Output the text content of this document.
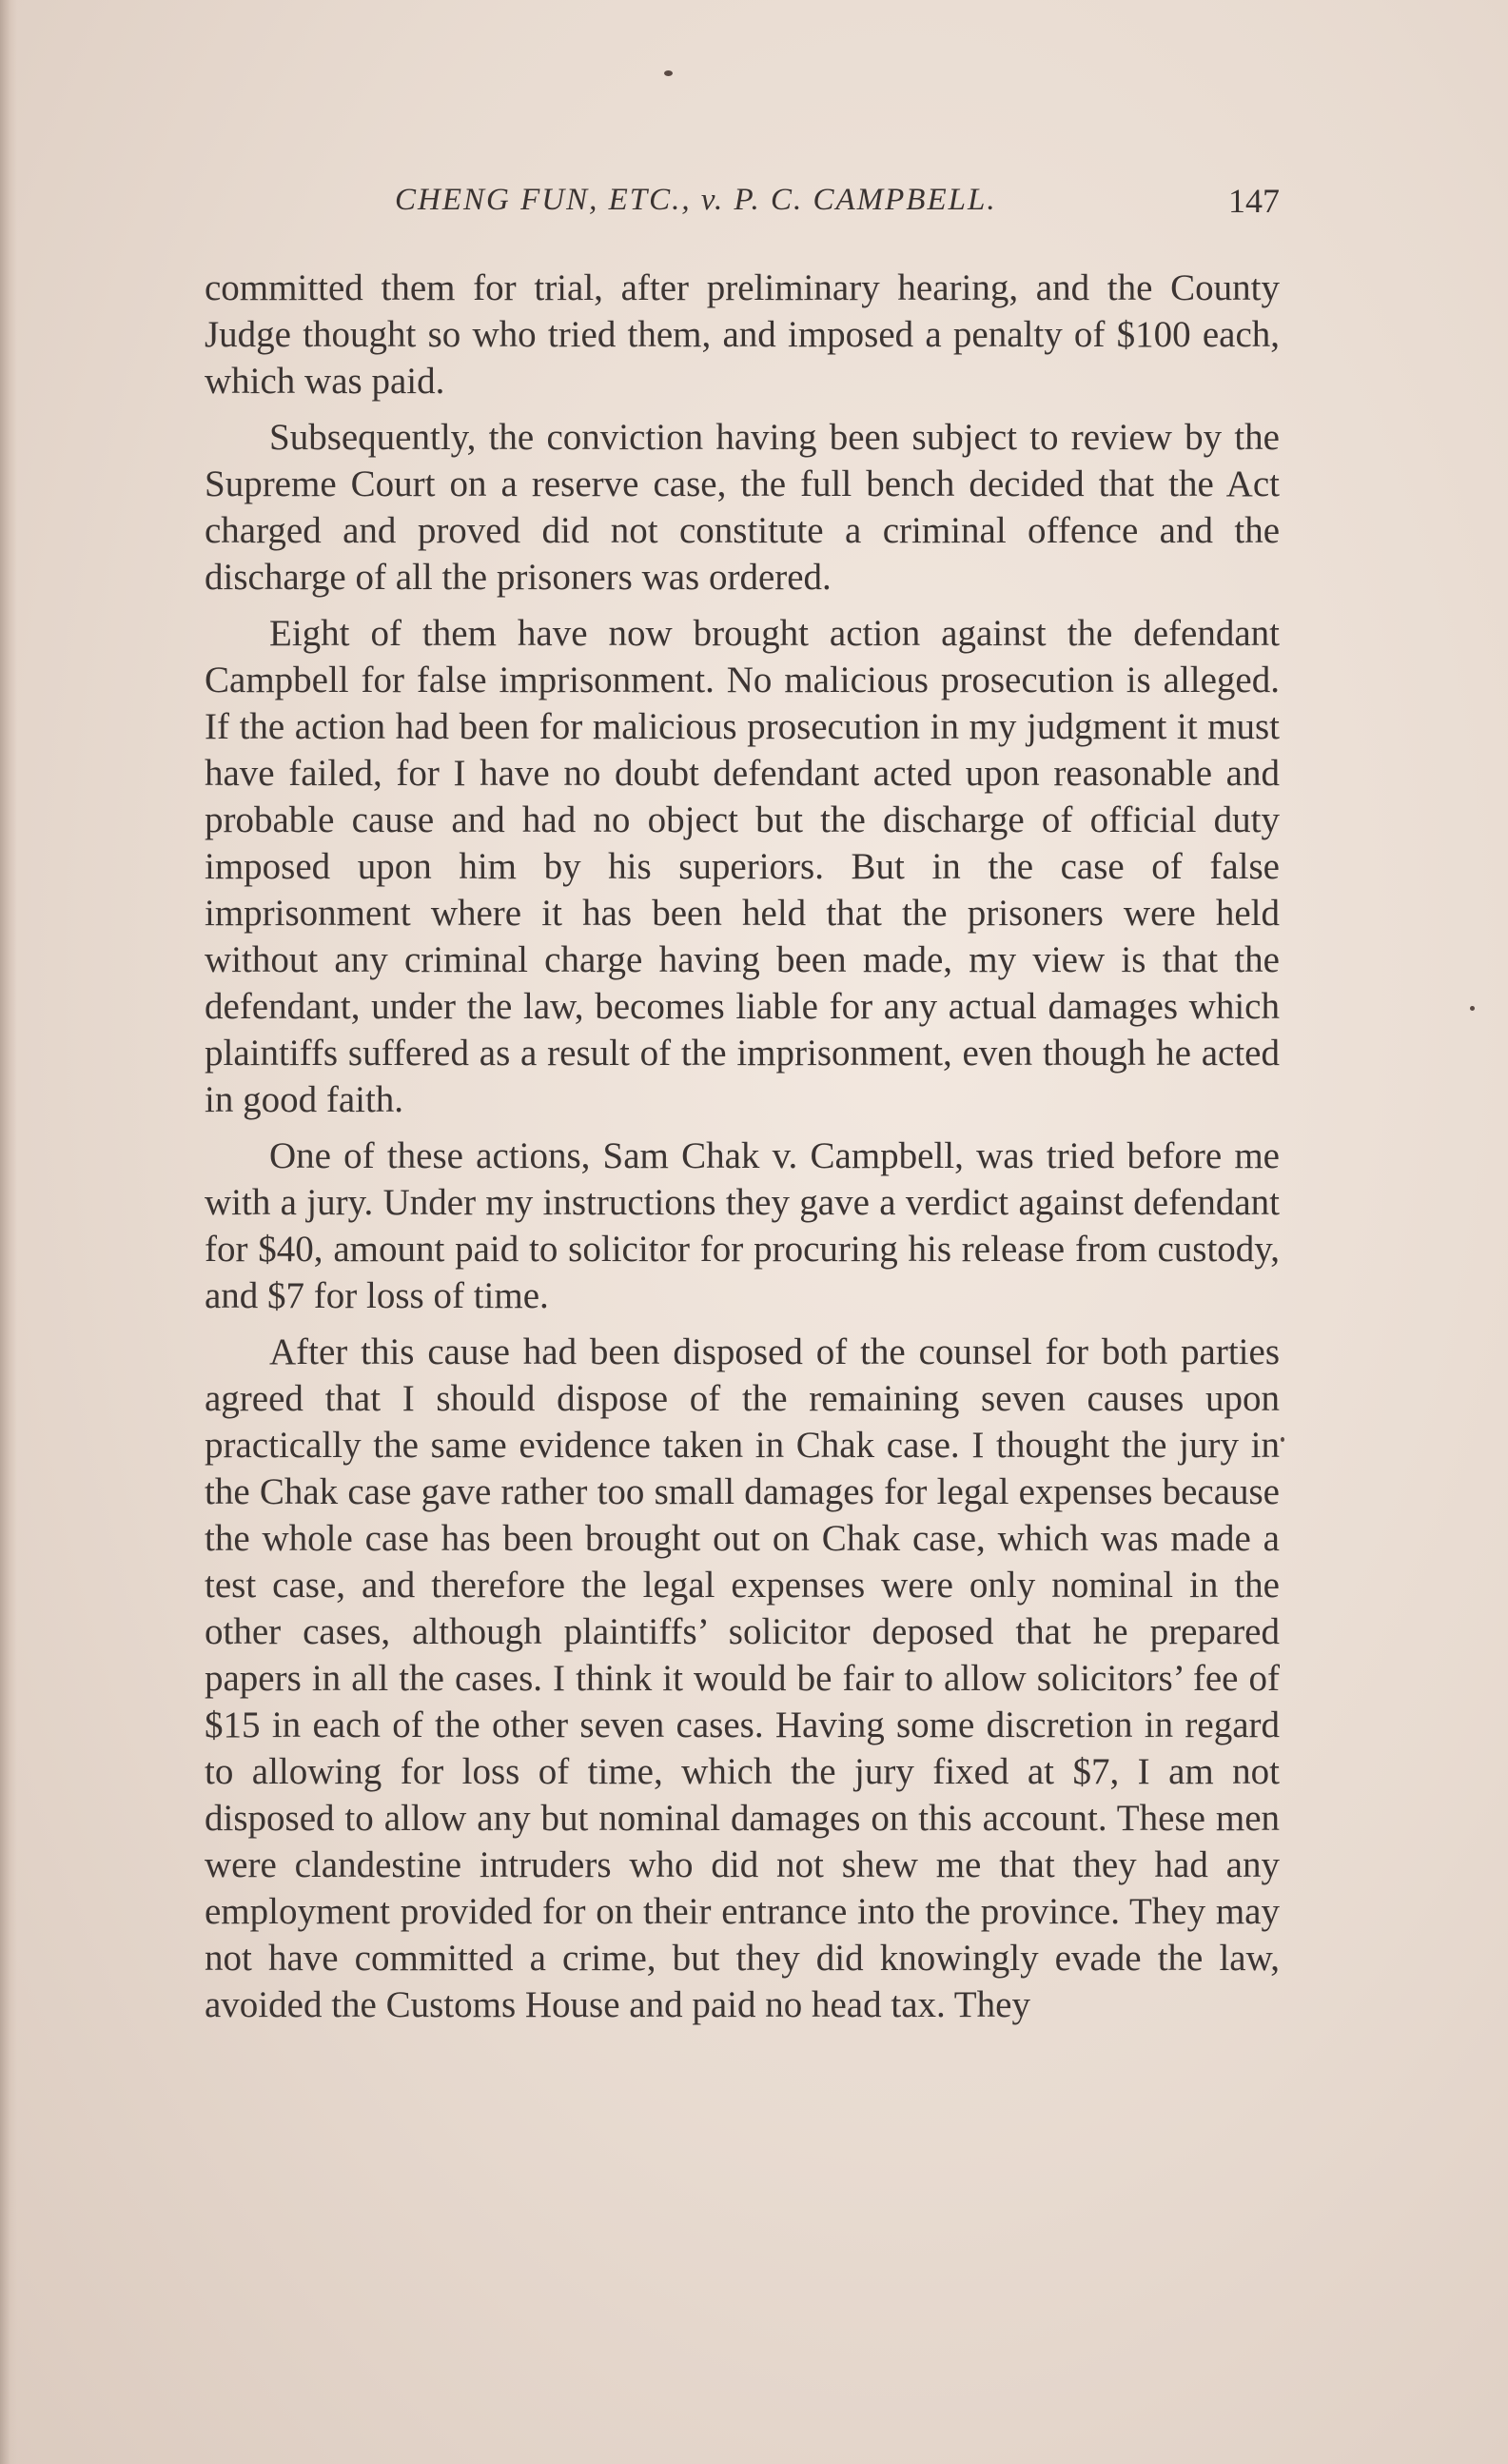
CHENG FUN, ETC., v. P. C. CAMPBELL.	147

committed them for trial, after preliminary hearing, and the County Judge thought so who tried them, and imposed a penalty of $100 each, which was paid.

Subsequently, the conviction having been subject to review by the Supreme Court on a reserve case, the full bench decided that the Act charged and proved did not constitute a criminal offence and the discharge of all the prisoners was ordered.

Eight of them have now brought action against the defendant Campbell for false imprisonment. No malicious prosecution is alleged. If the action had been for malicious prosecution in my judgment it must have failed, for I have no doubt defendant acted upon reasonable and probable cause and had no object but the discharge of official duty imposed upon him by his superiors. But in the case of false imprisonment where it has been held that the prisoners were held without any criminal charge having been made, my view is that the defendant, under the law, becomes liable for any actual damages which plaintiffs suffered as a result of the imprisonment, even though he acted in good faith.

One of these actions, Sam Chak v. Campbell, was tried before me with a jury. Under my instructions they gave a verdict against defendant for $40, amount paid to solicitor for procuring his release from custody, and $7 for loss of time.

After this cause had been disposed of the counsel for both parties agreed that I should dispose of the remaining seven causes upon practically the same evidence taken in Chak case. I thought the jury in the Chak case gave rather too small damages for legal expenses because the whole case has been brought out on Chak case, which was made a test case, and therefore the legal expenses were only nominal in the other cases, although plaintiffs’ solicitor deposed that he prepared papers in all the cases. I think it would be fair to allow solicitors’ fee of $15 in each of the other seven cases. Having some discretion in regard to allowing for loss of time, which the jury fixed at $7, I am not disposed to allow any but nominal damages on this account. These men were clandestine intruders who did not shew me that they had any employment provided for on their entrance into the province. They may not have committed a crime, but they did knowingly evade the law, avoided the Customs House and paid no head tax. They
